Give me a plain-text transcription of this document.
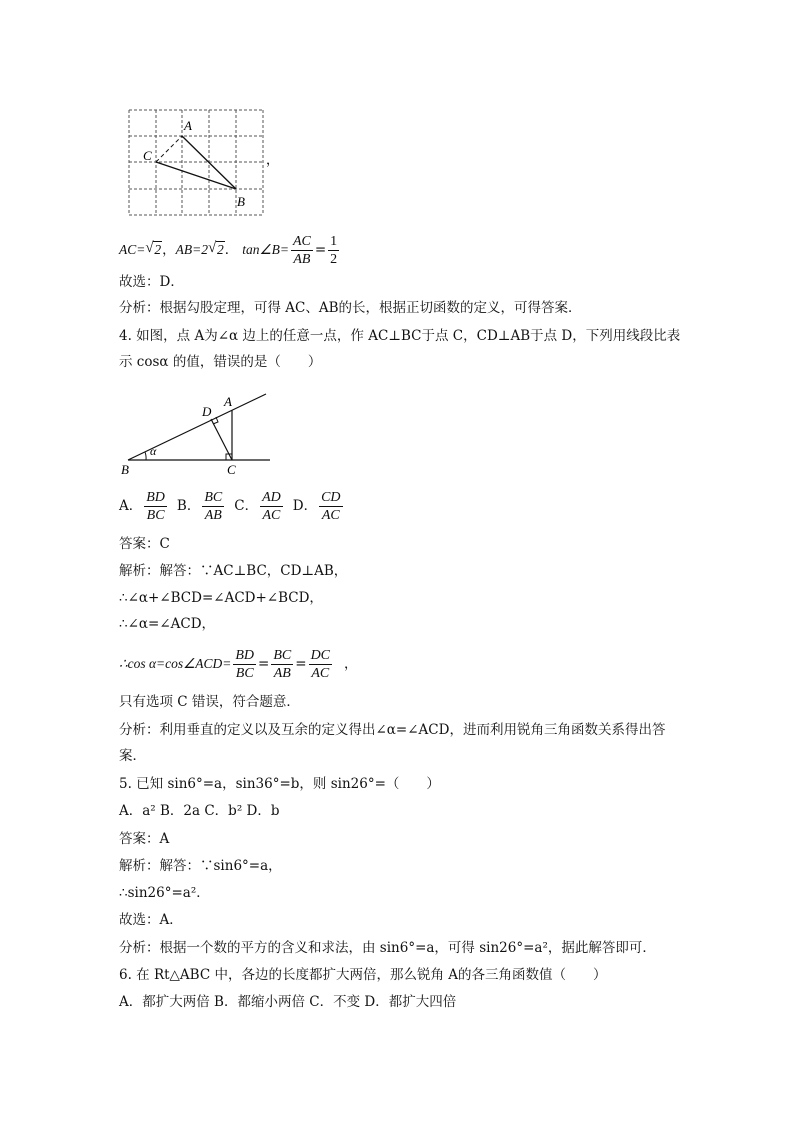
A
C
B
，
AC= √ 2 ， AB=2 √ 2 ． tan∠B= $\frac{AC}{AB} = \frac{1}{2}$
故选：D．
分析：根据勾股定理，可得 AC、AB的长，根据正切函数的定义，可得答案．
4. 如图，点 A为∠α 边上的任意一点，作 AC⊥BC于点 C，CD⊥AB于点 D，下列用线段比表
示 cosα 的值，错误的是（　　）
A
D
B	C
α
A． $\frac{BD}{BC}$ B． $\frac{BC}{AB}$ C． $\frac{AD}{AC}$ D． $\frac{CD}{AC}$
答案：C
解析：解答：∵AC⊥BC，CD⊥AB，
∴∠α+∠BCD=∠ACD+∠BCD，
∴∠α=∠ACD，
∴cos α=cos∠ACD= $\frac{BD}{BC} = \frac{BC}{AB} = \frac{DC}{AC}$ ，
只有选项 C 错误，符合题意．
分析：利用垂直的定义以及互余的定义得出∠α=∠ACD，进而利用锐角三角函数关系得出答
案．
5. 已知 sin6°=a，sin36°=b，则 sin26°=（　　）
A．a² B．2a C．b² D．b
答案：A
解析：解答：∵sin6°=a，
∴sin26°=a²．
故选：A．
分析：根据一个数的平方的含义和求法，由 sin6°=a，可得 sin26°=a²，据此解答即可．
6. 在 Rt△ABC 中，各边的长度都扩大两倍，那么锐角 A的各三角函数值（　　）
A．都扩大两倍 B．都缩小两倍 C．不变 D．都扩大四倍
